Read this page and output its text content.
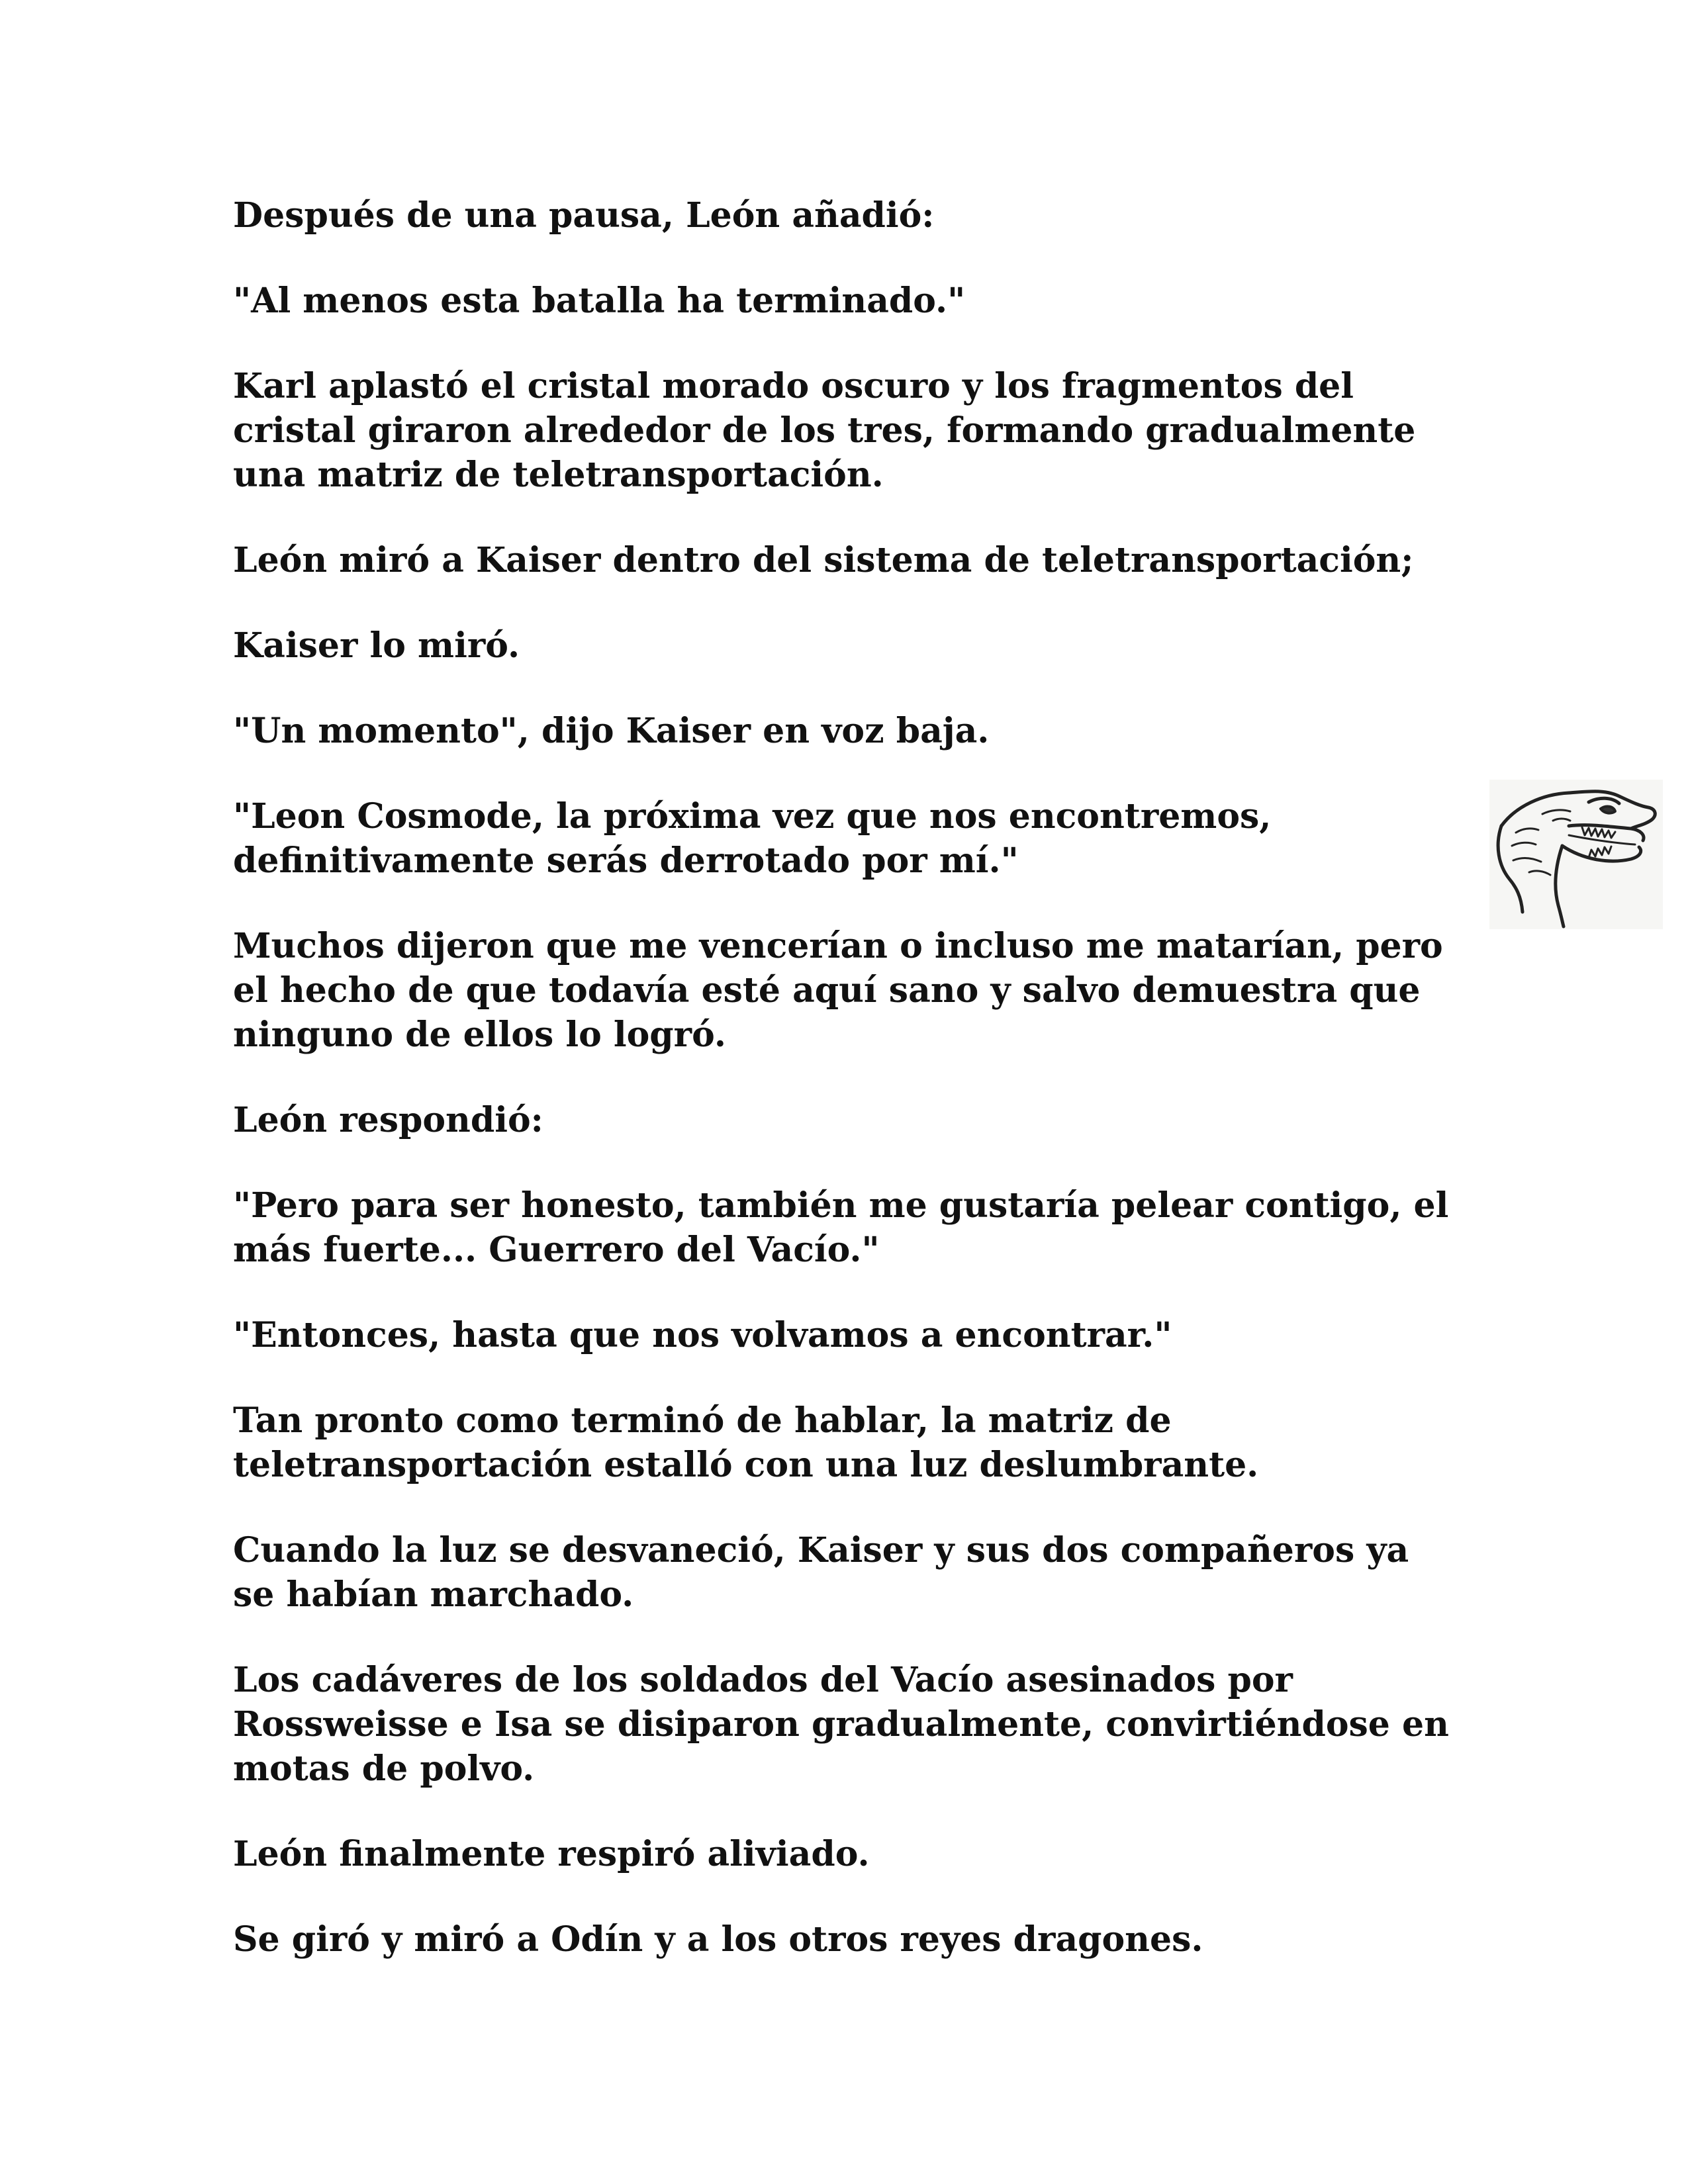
Después de una pausa, León añadió:

"Al menos esta batalla ha terminado."

Karl aplastó el cristal morado oscuro y los fragmentos del
cristal giraron alrededor de los tres, formando gradualmente
una matriz de teletransportación.

León miró a Kaiser dentro del sistema de teletransportación;

Kaiser lo miró.

"Un momento", dijo Kaiser en voz baja.

"Leon Cosmode, la próxima vez que nos encontremos,
definitivamente serás derrotado por mí."

Muchos dijeron que me vencerían o incluso me matarían, pero
el hecho de que todavía esté aquí sano y salvo demuestra que
ninguno de ellos lo logró.

León respondió:

"Pero para ser honesto, también me gustaría pelear contigo, el
más fuerte... Guerrero del Vacío."

"Entonces, hasta que nos volvamos a encontrar."

Tan pronto como terminó de hablar, la matriz de
teletransportación estalló con una luz deslumbrante.

Cuando la luz se desvaneció, Kaiser y sus dos compañeros ya
se habían marchado.

Los cadáveres de los soldados del Vacío asesinados por
Rossweisse e Isa se disiparon gradualmente, convirtiéndose en
motas de polvo.

León finalmente respiró aliviado.

Se giró y miró a Odín y a los otros reyes dragones.
